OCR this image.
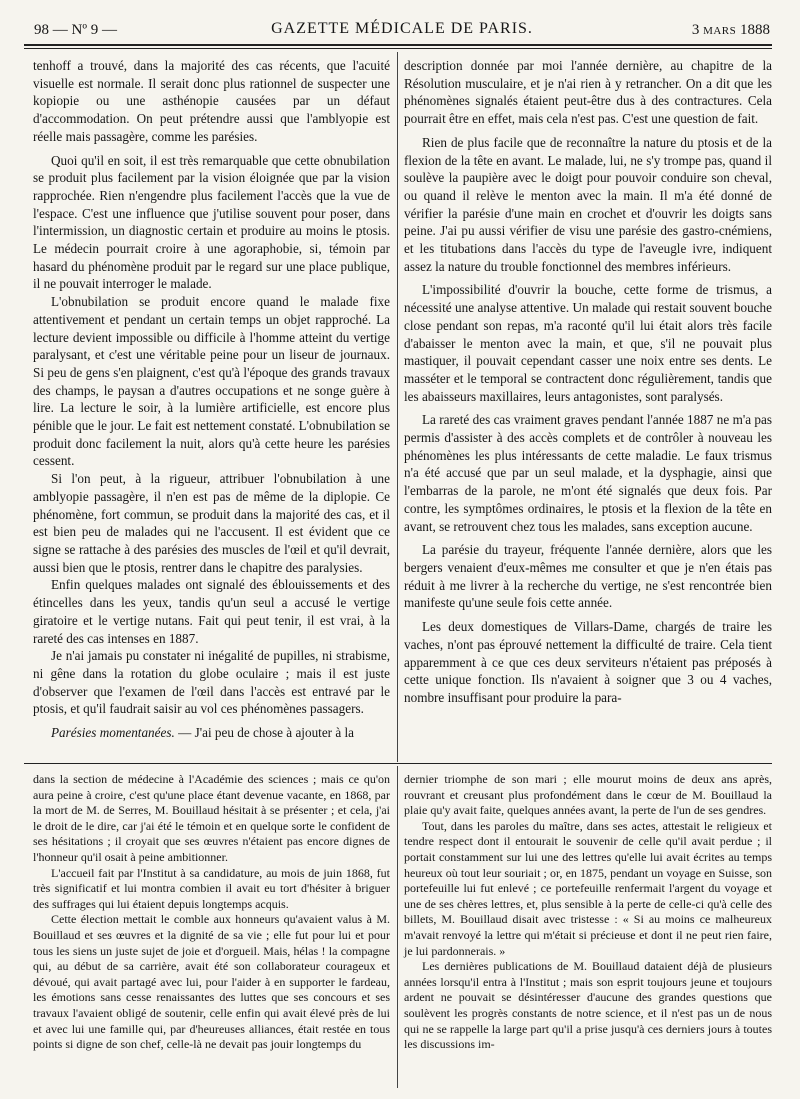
98 — Nº 9 —	GAZETTE MÉDICALE DE PARIS.	3 MARS 1888

tenhoff a trouvé, dans la majorité des cas récents, que l'acuité visuelle est normale. Il serait donc plus rationnel de suspecter une kopiopie ou une asthénopie causées par un défaut d'accommodation. On peut prétendre aussi que l'amblyopie est réelle mais passagère, comme les parésies.

Quoi qu'il en soit, il est très remarquable que cette obnubilation se produit plus facilement par la vision éloignée que par la vision rapprochée. Rien n'engendre plus facilement l'accès que la vue de l'espace. C'est une influence que j'utilise souvent pour poser, dans l'intermission, un diagnostic certain et produire au moins le ptosis. Le médecin pourrait croire à une agoraphobie, si, témoin par hasard du phénomène produit par le regard sur une place publique, il ne pouvait interroger le malade.

L'obnubilation se produit encore quand le malade fixe attentivement et pendant un certain temps un objet rapproché. La lecture devient impossible ou difficile à l'homme atteint du vertige paralysant, et c'est une véritable peine pour un liseur de journaux. Si peu de gens s'en plaignent, c'est qu'à l'époque des grands travaux des champs, le paysan a d'autres occupations et ne songe guère à lire. La lecture le soir, à la lumière artificielle, est encore plus pénible que le jour. Le fait est nettement constaté. L'obnubilation se produit donc facilement la nuit, alors qu'à cette heure les parésies cessent.

Si l'on peut, à la rigueur, attribuer l'obnubilation à une amblyopie passagère, il n'en est pas de même de la diplopie. Ce phénomène, fort commun, se produit dans la majorité des cas, et il est bien peu de malades qui ne l'accusent. Il est évident que ce signe se rattache à des parésies des muscles de l'œil et qu'il devrait, aussi bien que le ptosis, rentrer dans le chapitre des paralysies.

Enfin quelques malades ont signalé des éblouissements et des étincelles dans les yeux, tandis qu'un seul a accusé le vertige giratoire et le vertige nutans. Fait qui peut tenir, il est vrai, à la rareté des cas intenses en 1887.

Je n'ai jamais pu constater ni inégalité de pupilles, ni strabisme, ni gêne dans la rotation du globe oculaire ; mais il est juste d'observer que l'examen de l'œil dans l'accès est entravé par le ptosis, et qu'il faudrait saisir au vol ces phénomènes passagers.

Parésies momentanées. — J'ai peu de chose à ajouter à la

description donnée par moi l'année dernière, au chapitre de la Résolution musculaire, et je n'ai rien à y retrancher. On a dit que les phénomènes signalés étaient peut-être dus à des contractures. Cela pourrait être en effet, mais cela n'est pas. C'est une question de fait.

Rien de plus facile que de reconnaître la nature du ptosis et de la flexion de la tête en avant. Le malade, lui, ne s'y trompe pas, quand il soulève la paupière avec le doigt pour pouvoir conduire son cheval, ou quand il relève le menton avec la main. Il m'a été donné de vérifier la parésie d'une main en crochet et d'ouvrir les doigts sans peine. J'ai pu aussi vérifier de visu une parésie des gastro-cnémiens, et les titubations dans l'accès du type de l'aveugle ivre, indiquent assez la nature du trouble fonctionnel des membres inférieurs.

L'impossibilité d'ouvrir la bouche, cette forme de trismus, a nécessité une analyse attentive. Un malade qui restait souvent bouche close pendant son repas, m'a raconté qu'il lui était alors très facile d'abaisser le menton avec la main, et que, s'il ne pouvait plus mastiquer, il pouvait cependant casser une noix entre ses dents. Le masséter et le temporal se contractent donc régulièrement, tandis que les abaisseurs maxillaires, leurs antagonistes, sont paralysés.

La rareté des cas vraiment graves pendant l'année 1887 ne m'a pas permis d'assister à des accès complets et de contrôler à nouveau les phénomènes les plus intéressants de cette maladie. Le faux trismus n'a été accusé que par un seul malade, et la dysphagie, ainsi que l'embarras de la parole, ne m'ont été signalés que deux fois. Par contre, les symptômes ordinaires, le ptosis et la flexion de la tête en avant, se retrouvent chez tous les malades, sans exception aucune.

La parésie du trayeur, fréquente l'année dernière, alors que les bergers venaient d'eux-mêmes me consulter et que je n'en étais pas réduit à me livrer à la recherche du vertige, ne s'est rencontrée bien manifeste qu'une seule fois cette année.

Les deux domestiques de Villars-Dame, chargés de traire les vaches, n'ont pas éprouvé nettement la difficulté de traire. Cela tient apparemment à ce que ces deux serviteurs n'étaient pas préposés à cette unique fonction. Ils n'avaient à soigner que 3 ou 4 vaches, nombre insuffisant pour produire la para-

dans la section de médecine à l'Académie des sciences ; mais ce qu'on aura peine à croire, c'est qu'une place étant devenue vacante, en 1868, par la mort de M. de Serres, M. Bouillaud hésitait à se présenter ; et cela, j'ai le droit de le dire, car j'ai été le témoin et en quelque sorte le confident de ses hésitations ; il croyait que ses œuvres n'étaient pas encore dignes de l'honneur qu'il osait à peine ambitionner.

L'accueil fait par l'Institut à sa candidature, au mois de juin 1868, fut très significatif et lui montra combien il avait eu tort d'hésiter à briguer des suffrages qui lui étaient depuis longtemps acquis.

Cette élection mettait le comble aux honneurs qu'avaient valus à M. Bouillaud et ses œuvres et la dignité de sa vie ; elle fut pour lui et pour tous les siens un juste sujet de joie et d'orgueil. Mais, hélas ! la compagne qui, au début de sa carrière, avait été son collaborateur courageux et dévoué, qui avait partagé avec lui, pour l'aider à en supporter le fardeau, les émotions sans cesse renaissantes des luttes que ses concours et ses travaux l'avaient obligé de soutenir, celle enfin qui avait élevé près de lui et avec lui une famille qui, par d'heureuses alliances, était restée en tous points si digne de son chef, celle-là ne devait pas jouir longtemps du

dernier triomphe de son mari ; elle mourut moins de deux ans après, rouvrant et creusant plus profondément dans le cœur de M. Bouillaud la plaie qu'y avait faite, quelques années avant, la perte de l'un de ses gendres.

Tout, dans les paroles du maître, dans ses actes, attestait le religieux et tendre respect dont il entourait le souvenir de celle qu'il avait perdue ; il portait constamment sur lui une des lettres qu'elle lui avait écrites au temps heureux où tout leur souriait ; or, en 1875, pendant un voyage en Suisse, son portefeuille lui fut enlevé ; ce portefeuille renfermait l'argent du voyage et une de ses chères lettres, et, plus sensible à la perte de celle-ci qu'à celle des billets, M. Bouillaud disait avec tristesse : « Si au moins ce malheureux m'avait renvoyé la lettre qui m'était si précieuse et dont il ne peut rien faire, je lui pardonnerais. »

Les dernières publications de M. Bouillaud dataient déjà de plusieurs années lorsqu'il entra à l'Institut ; mais son esprit toujours jeune et toujours ardent ne pouvait se désintéresser d'aucune des grandes questions que soulèvent les progrès constants de notre science, et il n'est pas un de nous qui ne se rappelle la large part qu'il a prise jusqu'à ces derniers jours à toutes les discussions im-
